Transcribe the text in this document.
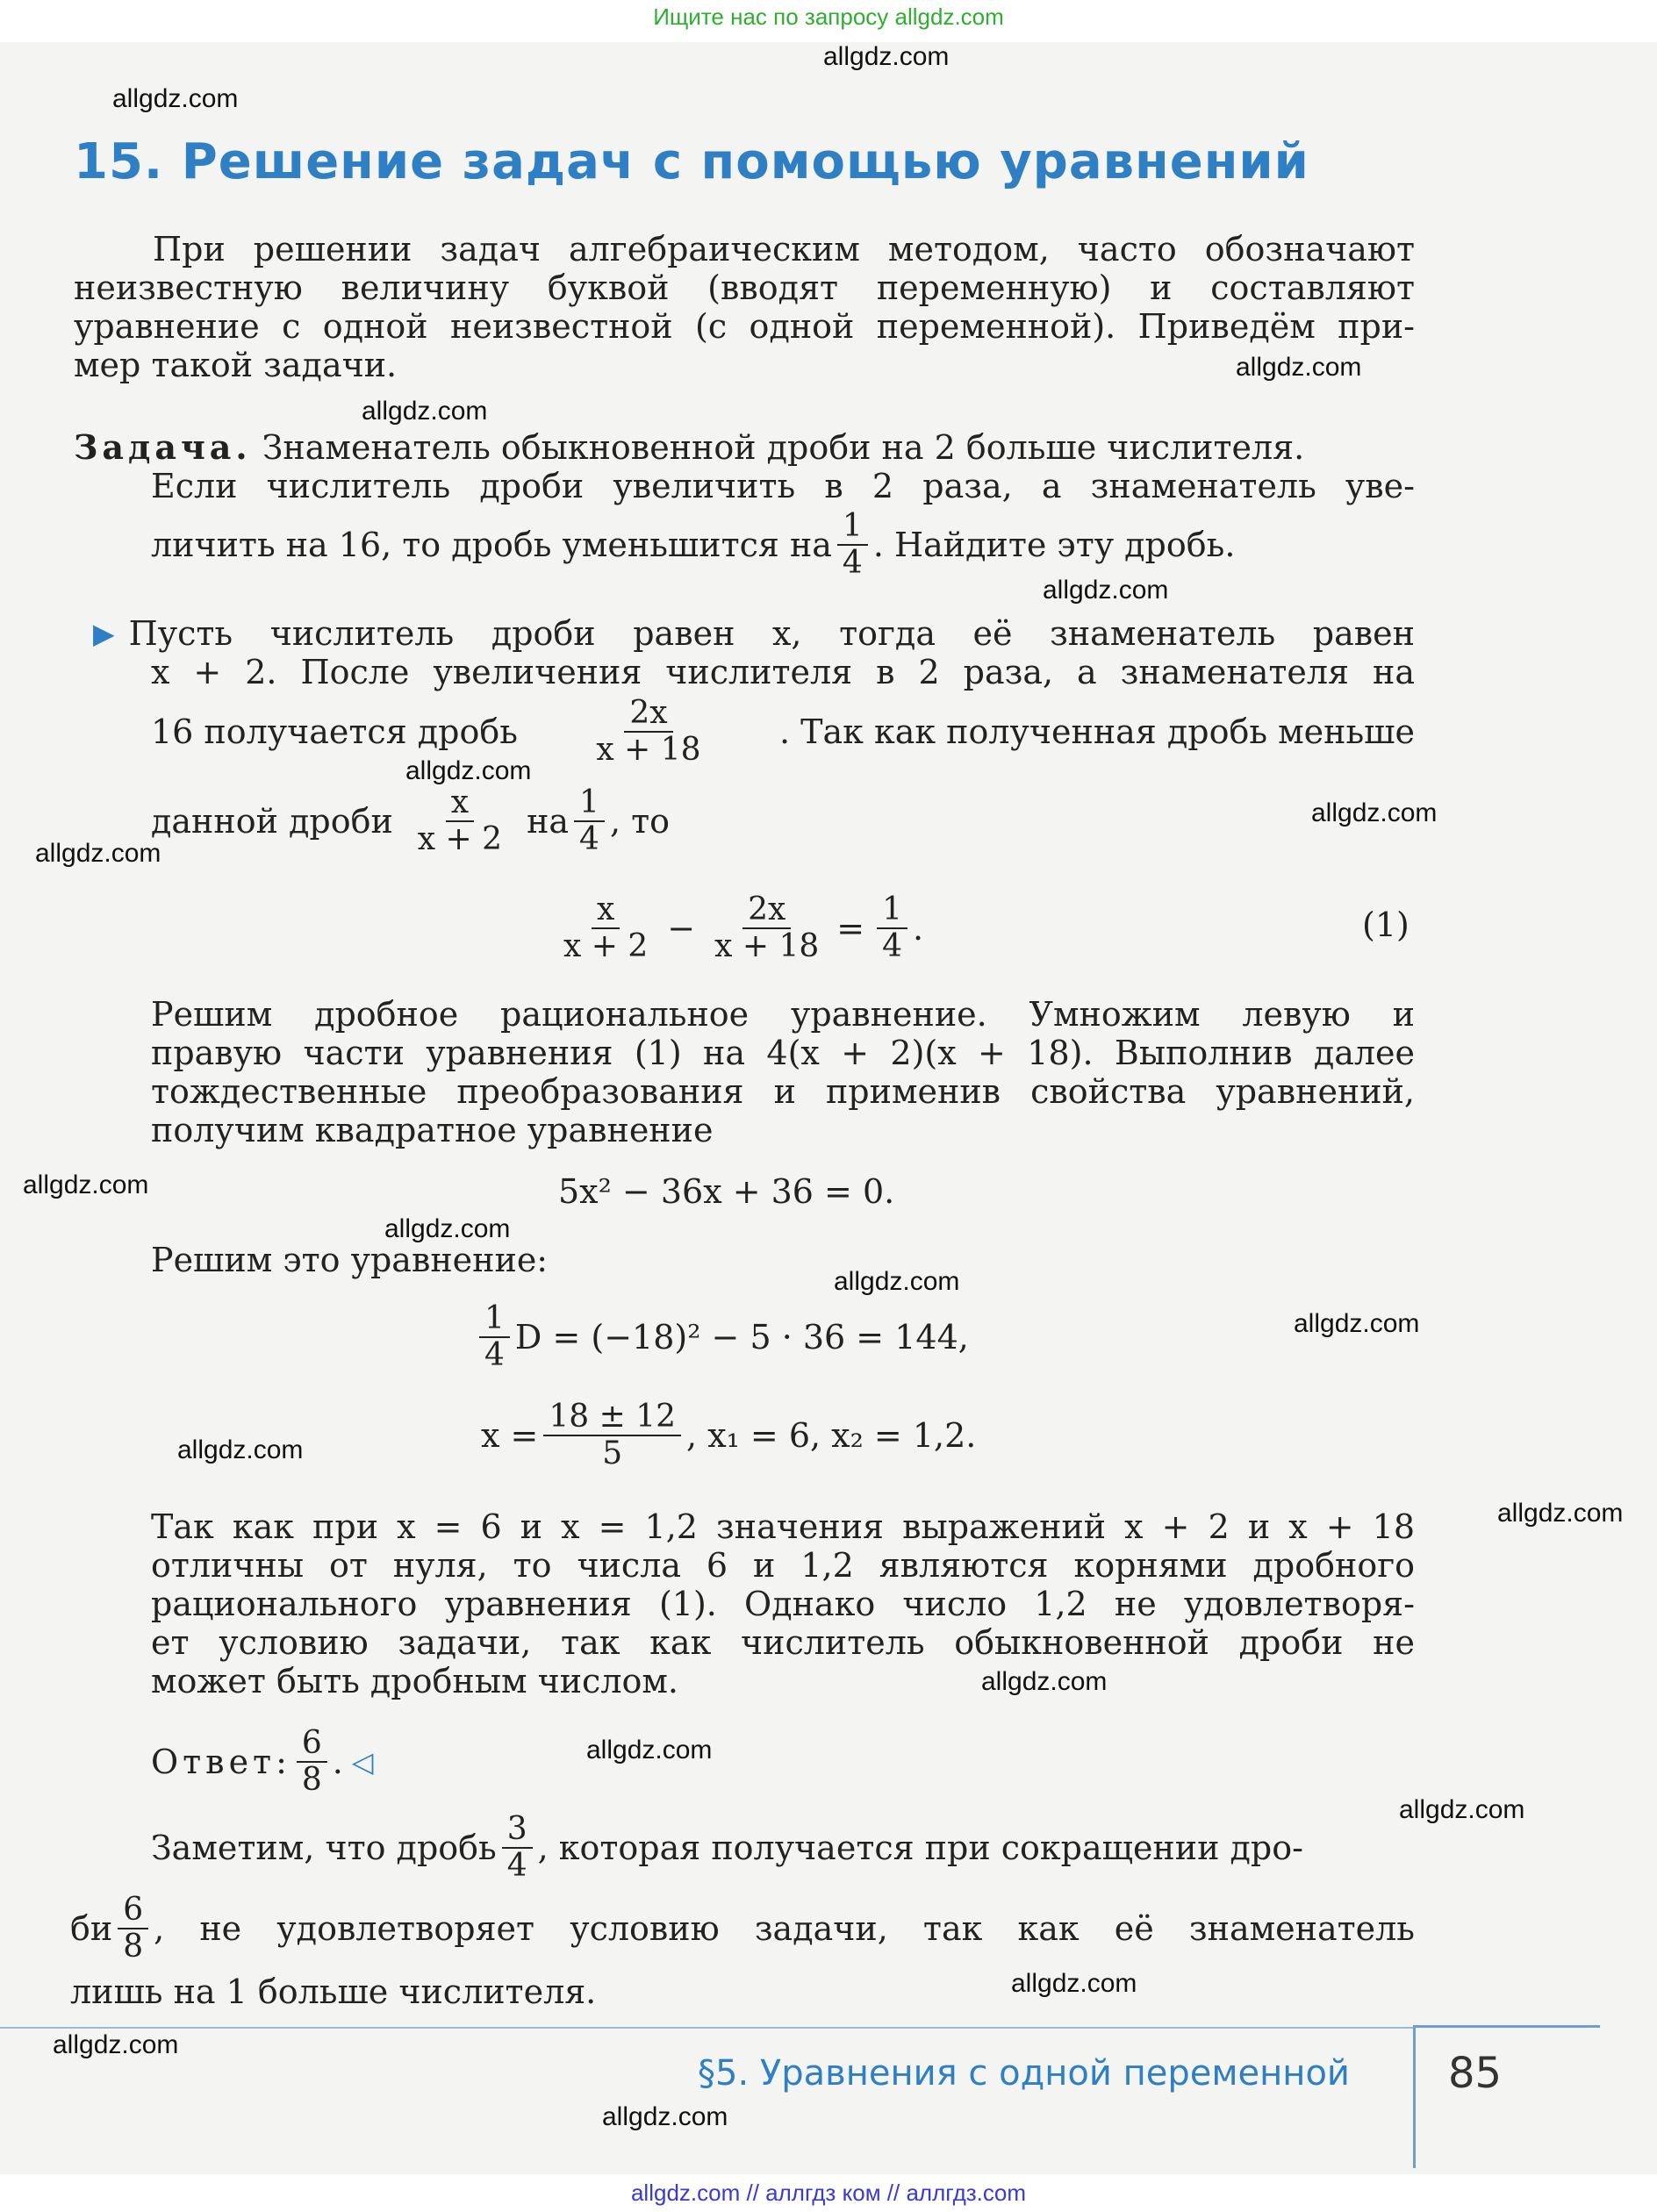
Ищите нас по запросу allgdz.com
allgdz.com
allgdz.com
15. Решение задач с помощью уравнений
При решении задач алгебраическим методом, часто обозначают
неизвестную величину буквой (вводят переменную) и составляют
уравнение с одной неизвестной (с одной переменной). Приведём при-
мер такой задачи.	allgdz.com
allgdz.com
Задача. Знаменатель обыкновенной дроби на 2 больше числителя.
Если числитель дроби увеличить в 2 раза, а знаменатель уве-
личить на 16, то дробь уменьшится на $\frac{1}{4}$ . Найдите эту дробь.
allgdz.com
▶ Пусть числитель дроби равен x, тогда её знаменатель равен
x + 2. После увеличения числителя в 2 раза, а знаменателя на
16 получается дробь $\frac{2x}{x + 18}$ . Так как полученная дробь меньше
allgdz.com
данной дроби $\frac{x}{x + 2}$ на $\frac{1}{4}$ , то	allgdz.com
allgdz.com
$\frac{x}{x + 2} - \frac{2x}{x + 18} = \frac{1}{4}$ .	(1)
Решим дробное рациональное уравнение. Умножим левую и
правую части уравнения (1) на 4(x + 2)(x + 18). Выполнив далее
тождественные преобразования и применив свойства уравнений,
получим квадратное уравнение
allgdz.com	5x² − 36x + 36 = 0.
allgdz.com
Решим это уравнение:
allgdz.com
$\frac{1}{4}$ D = (−18)² − 5 · 36 = 144,	allgdz.com
allgdz.com	$x = \frac{18 \pm 12}{5}$ , x₁ = 6, x₂ = 1,2.
allgdz.com
Так как при x = 6 и x = 1,2 значения выражений x + 2 и x + 18
отличны от нуля, то числа 6 и 1,2 являются корнями дробного
рационального уравнения (1). Однако число 1,2 не удовлетворя-
ет условию задачи, так как числитель обыкновенной дроби не
может быть дробным числом.	allgdz.com
Ответ: $\frac{6}{8}$ . ◁	allgdz.com
allgdz.com
Заметим, что дробь $\frac{3}{4}$ , которая получается при сокращении дро-
би $\frac{6}{8}$ , не удовлетворяет условию задачи, так как её знаменатель
лишь на 1 больше числителя.	allgdz.com
allgdz.com
§5. Уравнения с одной переменной 85
allgdz.com
allgdz.com // аллгдз ком // аллгдз.com
